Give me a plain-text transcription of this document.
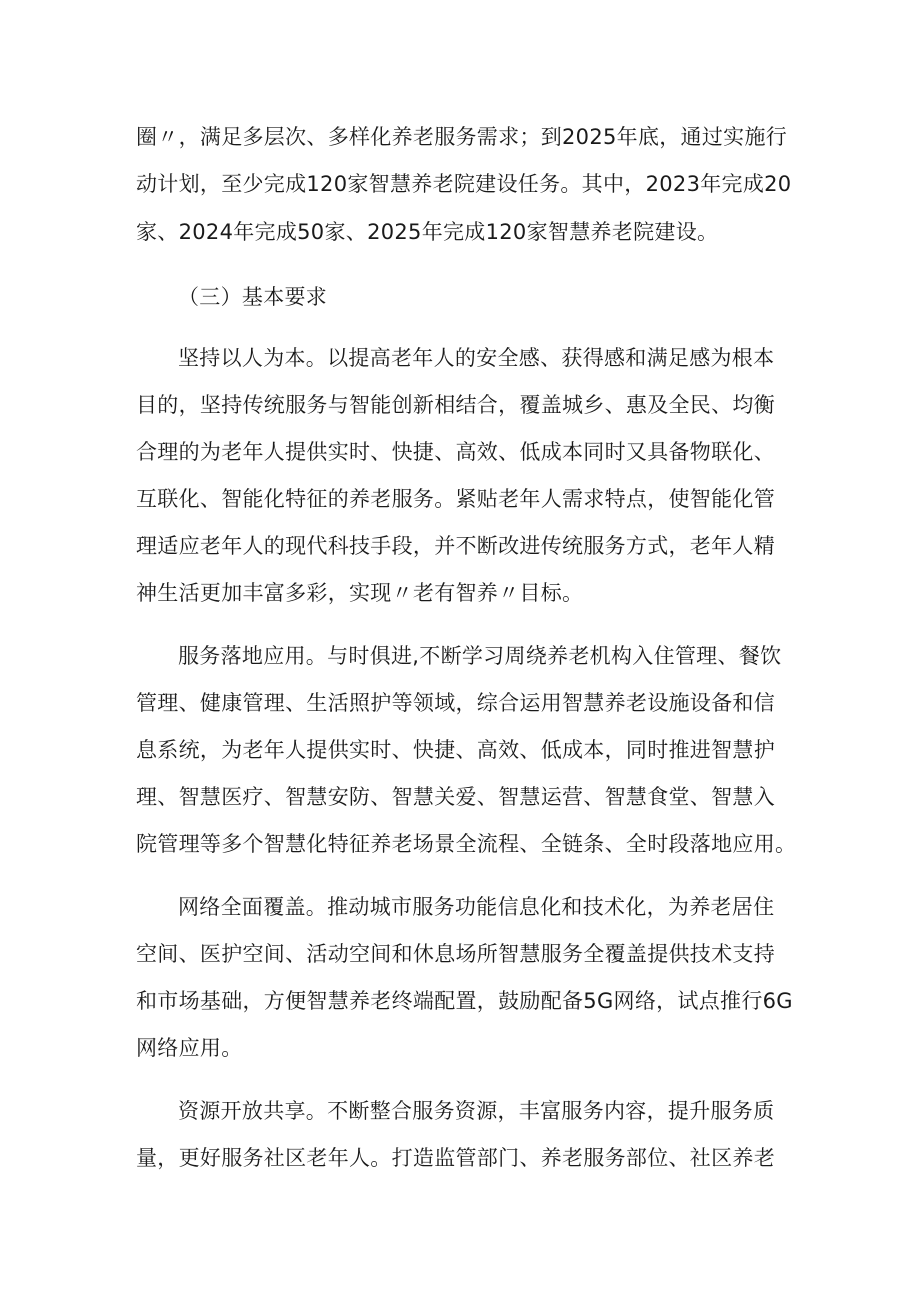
圈〃，满足多层次、多样化养老服务需求；到2025年底，通过实施行
动计划，至少完成120家智慧养老院建设任务。其中，2023年完成20
家、2024年完成50家、2025年完成120家智慧养老院建设。
（三）基本要求
坚持以人为本。以提高老年人的安全感、获得感和满足感为根本
目的，坚持传统服务与智能创新相结合，覆盖城乡、惠及全民、均衡
合理的为老年人提供实时、快捷、高效、低成本同时又具备物联化、
互联化、智能化特征的养老服务。紧贴老年人需求特点，使智能化管
理适应老年人的现代科技手段，并不断改进传统服务方式，老年人精
神生活更加丰富多彩，实现〃老有智养〃目标。
服务落地应用。与时俱进,不断学习周绕养老机构入住管理、餐饮
管理、健康管理、生活照护等领域，综合运用智慧养老设施设备和信
息系统，为老年人提供实时、快捷、高效、低成本，同时推进智慧护
理、智慧医疗、智慧安防、智慧关爱、智慧运营、智慧食堂、智慧入
院管理等多个智慧化特征养老场景全流程、全链条、全时段落地应用。
网络全面覆盖。推动城市服务功能信息化和技术化，为养老居住
空间、医护空间、活动空间和休息场所智慧服务全覆盖提供技术支持
和市场基础，方便智慧养老终端配置，鼓励配备5G网络，试点推行6G
网络应用。
资源开放共享。不断整合服务资源，丰富服务内容，提升服务质
量，更好服务社区老年人。打造监管部门、养老服务部位、社区养老
